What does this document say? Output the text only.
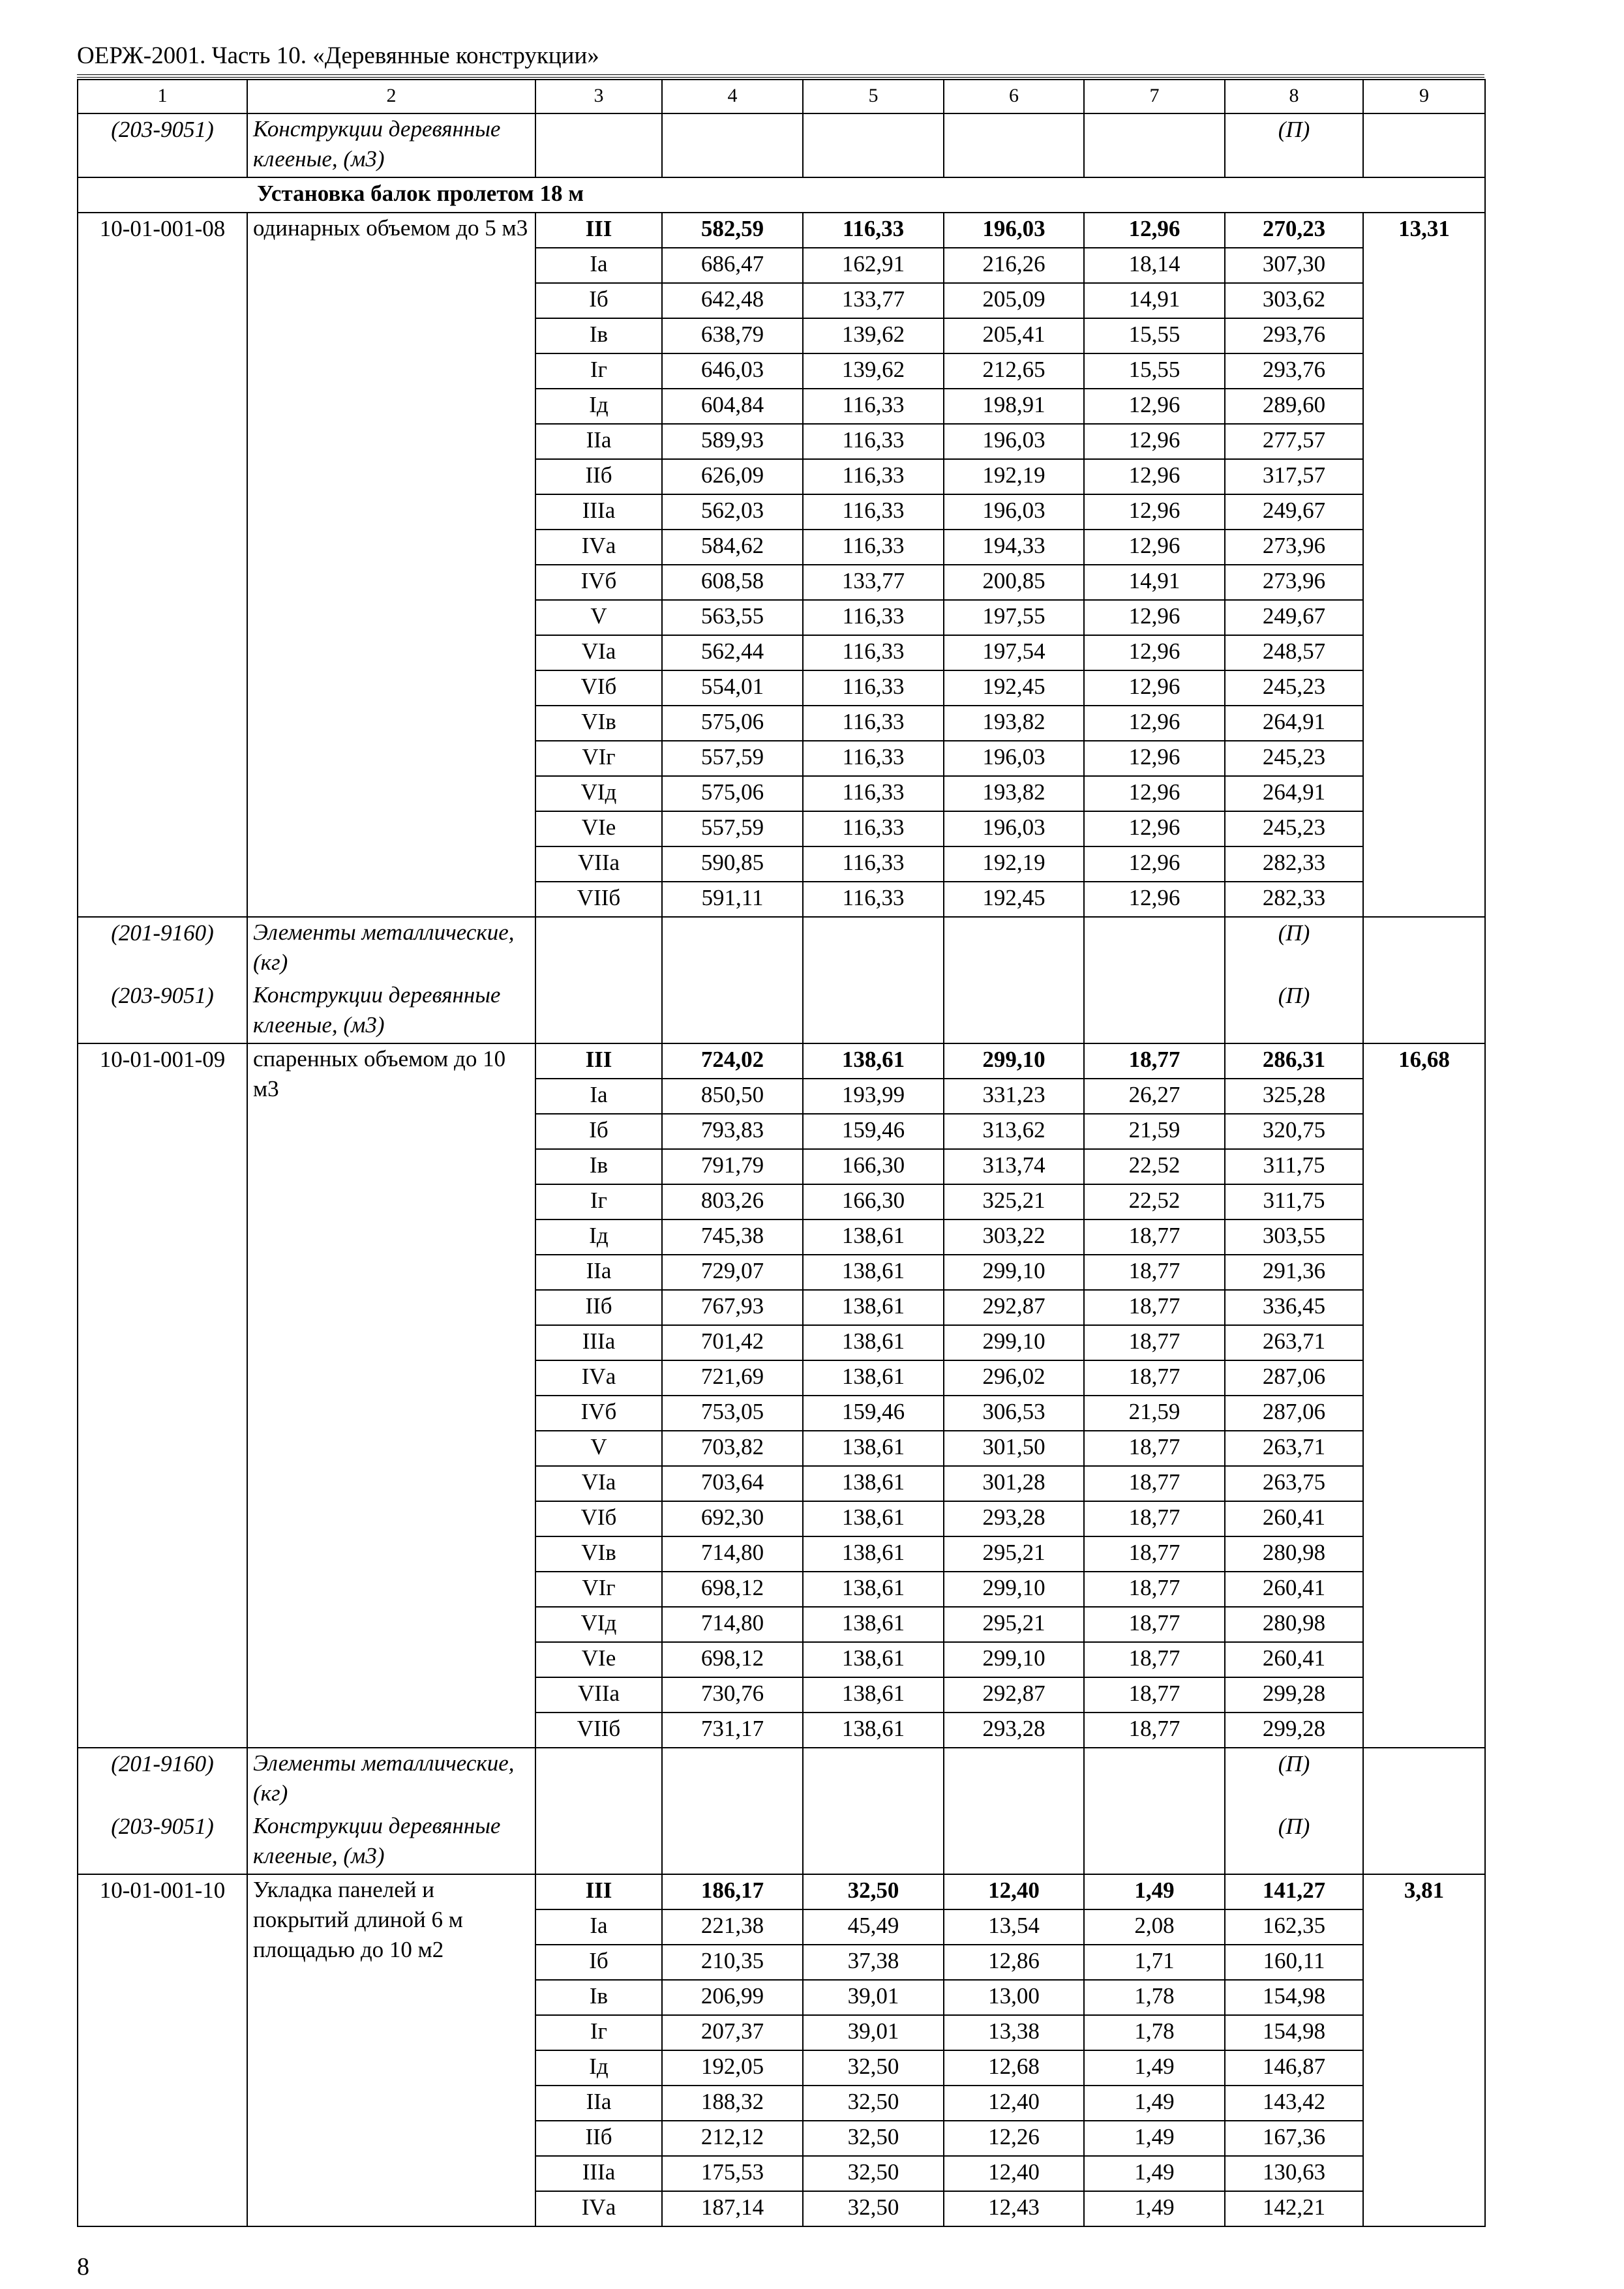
ОЕРЖ-2001. Часть 10. «Деревянные конструкции»
1	2	3	4	5	6	7	8	9
(203-9051)	Конструкции деревянные клееные, (м3)						(П)	
Установка балок пролетом 18 м								
10-01-001-08	одинарных объемом до 5 м3	III	582,59	116,33	196,03	12,96	270,23	13,31
		Iа	686,47	162,91	216,26	18,14	307,30	
		Iб	642,48	133,77	205,09	14,91	303,62	
		Iв	638,79	139,62	205,41	15,55	293,76	
		Iг	646,03	139,62	212,65	15,55	293,76	
		Iд	604,84	116,33	198,91	12,96	289,60	
		IIа	589,93	116,33	196,03	12,96	277,57	
		IIб	626,09	116,33	192,19	12,96	317,57	
		IIIа	562,03	116,33	196,03	12,96	249,67	
		IVа	584,62	116,33	194,33	12,96	273,96	
		IVб	608,58	133,77	200,85	14,91	273,96	
		V	563,55	116,33	197,55	12,96	249,67	
		VIа	562,44	116,33	197,54	12,96	248,57	
		VIб	554,01	116,33	192,45	12,96	245,23	
		VIв	575,06	116,33	193,82	12,96	264,91	
		VIг	557,59	116,33	196,03	12,96	245,23	
		VIд	575,06	116,33	193,82	12,96	264,91	
		VIе	557,59	116,33	196,03	12,96	245,23	
		VIIа	590,85	116,33	192,19	12,96	282,33	
		VIIб	591,11	116,33	192,45	12,96	282,33	
(201-9160)	Элементы металлические, (кг)						(П)	
(203-9051)	Конструкции деревянные клееные, (м3)						(П)	
10-01-001-09	спаренных объемом до 10 м3	III	724,02	138,61	299,10	18,77	286,31	16,68
		Iа	850,50	193,99	331,23	26,27	325,28	
		Iб	793,83	159,46	313,62	21,59	320,75	
		Iв	791,79	166,30	313,74	22,52	311,75	
		Iг	803,26	166,30	325,21	22,52	311,75	
		Iд	745,38	138,61	303,22	18,77	303,55	
		IIа	729,07	138,61	299,10	18,77	291,36	
		IIб	767,93	138,61	292,87	18,77	336,45	
		IIIа	701,42	138,61	299,10	18,77	263,71	
		IVа	721,69	138,61	296,02	18,77	287,06	
		IVб	753,05	159,46	306,53	21,59	287,06	
		V	703,82	138,61	301,50	18,77	263,71	
		VIа	703,64	138,61	301,28	18,77	263,75	
		VIб	692,30	138,61	293,28	18,77	260,41	
		VIв	714,80	138,61	295,21	18,77	280,98	
		VIг	698,12	138,61	299,10	18,77	260,41	
		VIд	714,80	138,61	295,21	18,77	280,98	
		VIе	698,12	138,61	299,10	18,77	260,41	
		VIIа	730,76	138,61	292,87	18,77	299,28	
		VIIб	731,17	138,61	293,28	18,77	299,28	
(201-9160)	Элементы металлические, (кг)						(П)	
(203-9051)	Конструкции деревянные клееные, (м3)						(П)	
10-01-001-10	Укладка панелей и покрытий длиной 6 м площадью до 10 м2	III	186,17	32,50	12,40	1,49	141,27	3,81
		Iа	221,38	45,49	13,54	2,08	162,35	
		Iб	210,35	37,38	12,86	1,71	160,11	
		Iв	206,99	39,01	13,00	1,78	154,98	
		Iг	207,37	39,01	13,38	1,78	154,98	
		Iд	192,05	32,50	12,68	1,49	146,87	
		IIа	188,32	32,50	12,40	1,49	143,42	
		IIб	212,12	32,50	12,26	1,49	167,36	
		IIIа	175,53	32,50	12,40	1,49	130,63	
		IVа	187,14	32,50	12,43	1,49	142,21	
8
